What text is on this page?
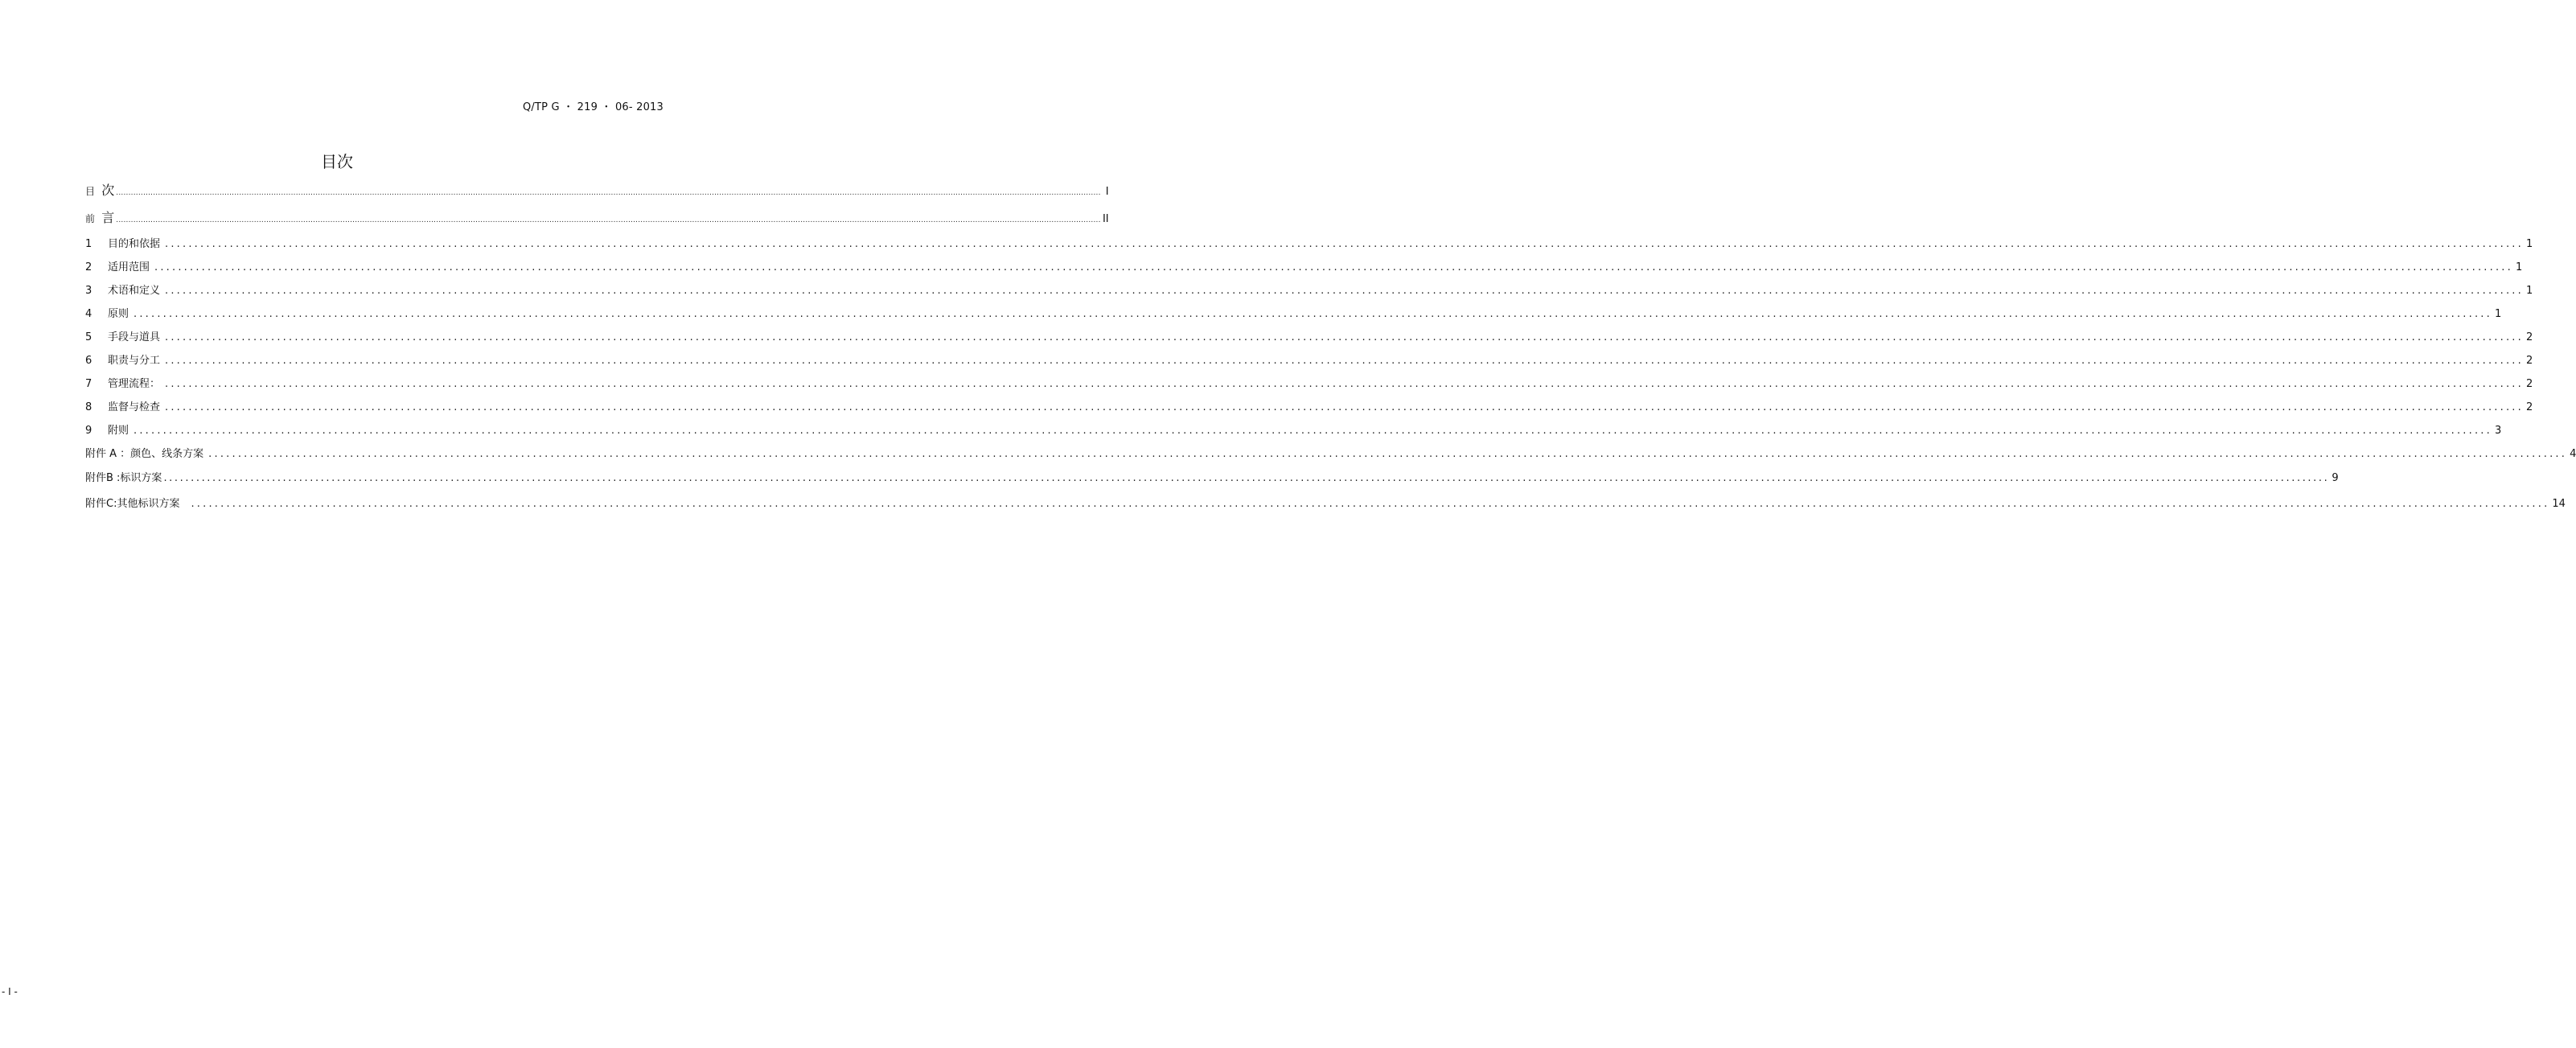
Q/TP G ・ 219 ・ 06- 2013
目次
目 次 ................................................................................................................................................................................................................................................................................................................................................................................................................ I
前 言 ................................................................................................................................................................................................................................................................................................................................................................................................................ II
1	目的和依据 ................................................................................................................................................................................................................................................................................................................................................................................................................ 1
2	适用范围 ................................................................................................................................................................................................................................................................................................................................................................................................................ 1
3	术语和定义 ................................................................................................................................................................................................................................................................................................................................................................................................................ 1
4	原则 ................................................................................................................................................................................................................................................................................................................................................................................................................ 1
5	手段与道具 ................................................................................................................................................................................................................................................................................................................................................................................................................ 2
6	职责与分工 ................................................................................................................................................................................................................................................................................................................................................................................................................ 2
7	管理流程： ................................................................................................................................................................................................................................................................................................................................................................................................................ 2
8	监督与检查 ................................................................................................................................................................................................................................................................................................................................................................................................................ 2
9	附则 ................................................................................................................................................................................................................................................................................................................................................................................................................ 3
附件 A ：颜色、线条方案 ................................................................................................................................................................................................................................................................................................................................................................................................................ 4
附件B :标识方案 ................................................................................................................................................................................................................................................................................................................................................................................................................ 9
附件C:其他标识方案 ................................................................................................................................................................................................................................................................................................................................................................................................................ 14
- I -
